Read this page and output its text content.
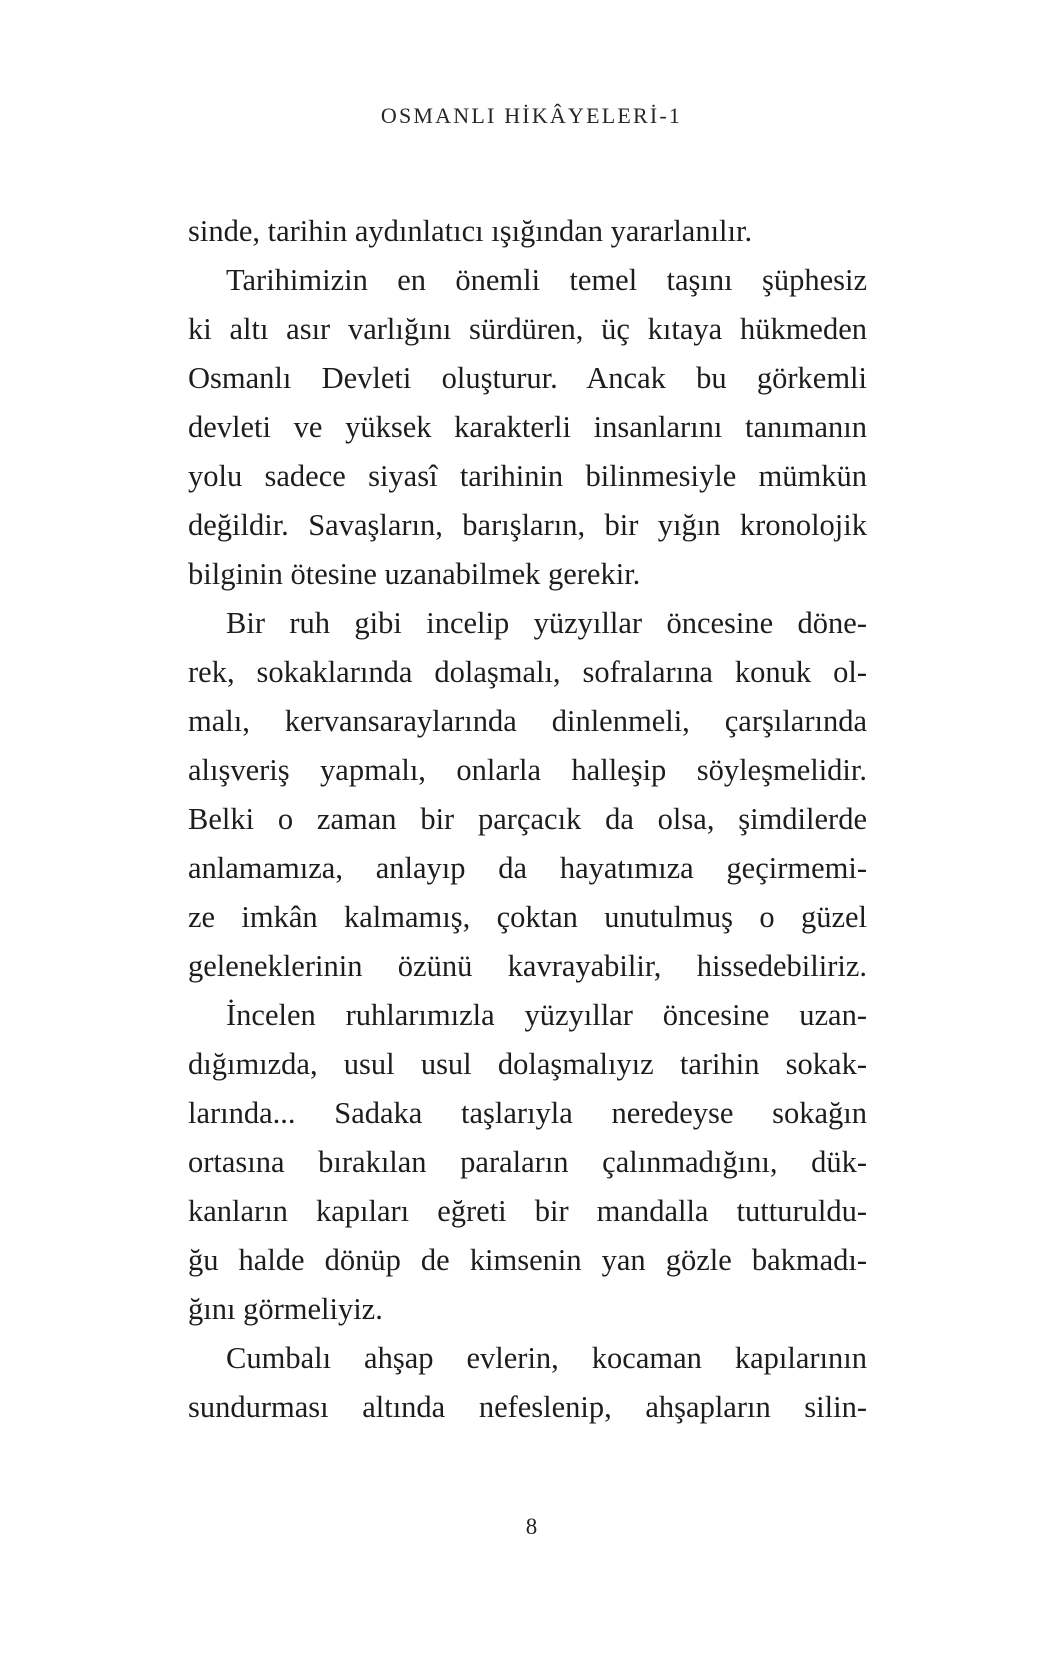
OSMANLI HİKÂYELERİ-1
sinde, tarihin aydınlatıcı ışığından yararlanılır.
Tarihimizin en önemli temel taşını şüphesiz
ki altı asır varlığını sürdüren, üç kıtaya hükmeden
Osmanlı Devleti oluşturur. Ancak bu görkemli
devleti ve yüksek karakterli insanlarını tanımanın
yolu sadece siyasî tarihinin bilinmesiyle mümkün
değildir. Savaşların, barışların, bir yığın kronolojik
bilginin ötesine uzanabilmek gerekir.
Bir ruh gibi incelip yüzyıllar öncesine döne-
rek, sokaklarında dolaşmalı, sofralarına konuk ol-
malı, kervansaraylarında dinlenmeli, çarşılarında
alışveriş yapmalı, onlarla halleşip söyleşmelidir.
Belki o zaman bir parçacık da olsa, şimdilerde
anlamamıza, anlayıp da hayatımıza geçirmemi-
ze imkân kalmamış, çoktan unutulmuş o güzel
geleneklerinin özünü kavrayabilir, hissedebiliriz.
İncelen ruhlarımızla yüzyıllar öncesine uzan-
dığımızda, usul usul dolaşmalıyız tarihin sokak-
larında... Sadaka taşlarıyla neredeyse sokağın
ortasına bırakılan paraların çalınmadığını, dük-
kanların kapıları eğreti bir mandalla tutturuldu-
ğu halde dönüp de kimsenin yan gözle bakmadı-
ğını görmeliyiz.
Cumbalı ahşap evlerin, kocaman kapılarının
sundurması altında nefeslenip, ahşapların silin-
8
